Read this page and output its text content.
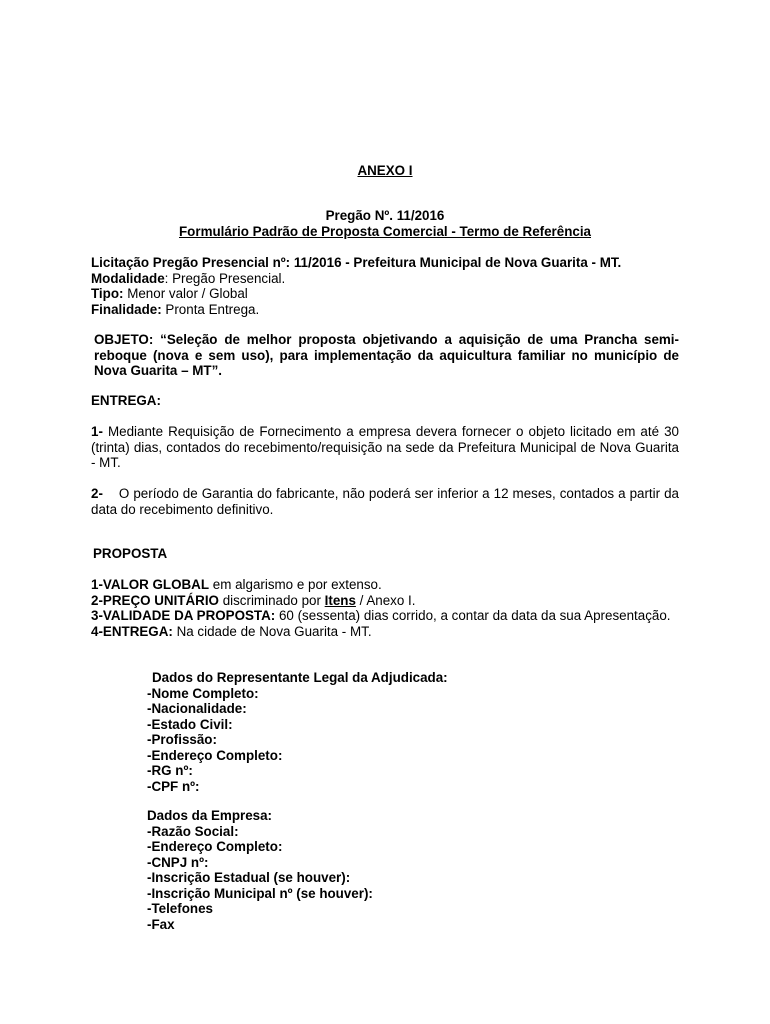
ANEXO I
Pregão Nº. 11/2016
Formulário Padrão de Proposta Comercial - Termo de Referência
Licitação Pregão Presencial nº: 11/2016 - Prefeitura Municipal de Nova Guarita - MT.
Modalidade: Pregão Presencial.
Tipo: Menor valor / Global
Finalidade: Pronta Entrega.

OBJETO: “Seleção de melhor proposta objetivando a aquisição de uma Prancha semi-reboque (nova e sem uso), para implementação da aquicultura familiar no município de Nova Guarita – MT”.

ENTREGA:

1- Mediante Requisição de Fornecimento a empresa devera fornecer o objeto licitado em até 30 (trinta) dias, contados do recebimento/requisição na sede da Prefeitura Municipal de Nova Guarita - MT.

2- O período de Garantia do fabricante, não poderá ser inferior a 12 meses, contados a partir da data do recebimento definitivo.

PROPOSTA
1-VALOR GLOBAL em algarismo e por extenso.
2-PREÇO UNITÁRIO discriminado por Itens / Anexo I.

3-VALIDADE DA PROPOSTA: 60 (sessenta) dias corrido, a contar da data da sua Apresentação.

4-ENTREGA: Na cidade de Nova Guarita - MT.
Dados do Representante Legal da Adjudicada:
-Nome Completo:
-Nacionalidade:
-Estado Civil:
-Profissão:
-Endereço Completo:
-RG nº:
-CPF nº:
Dados da Empresa:
-Razão Social:
-Endereço Completo:
-CNPJ nº:
-Inscrição Estadual (se houver):
-Inscrição Municipal nº (se houver):
-Telefones
-Fax
